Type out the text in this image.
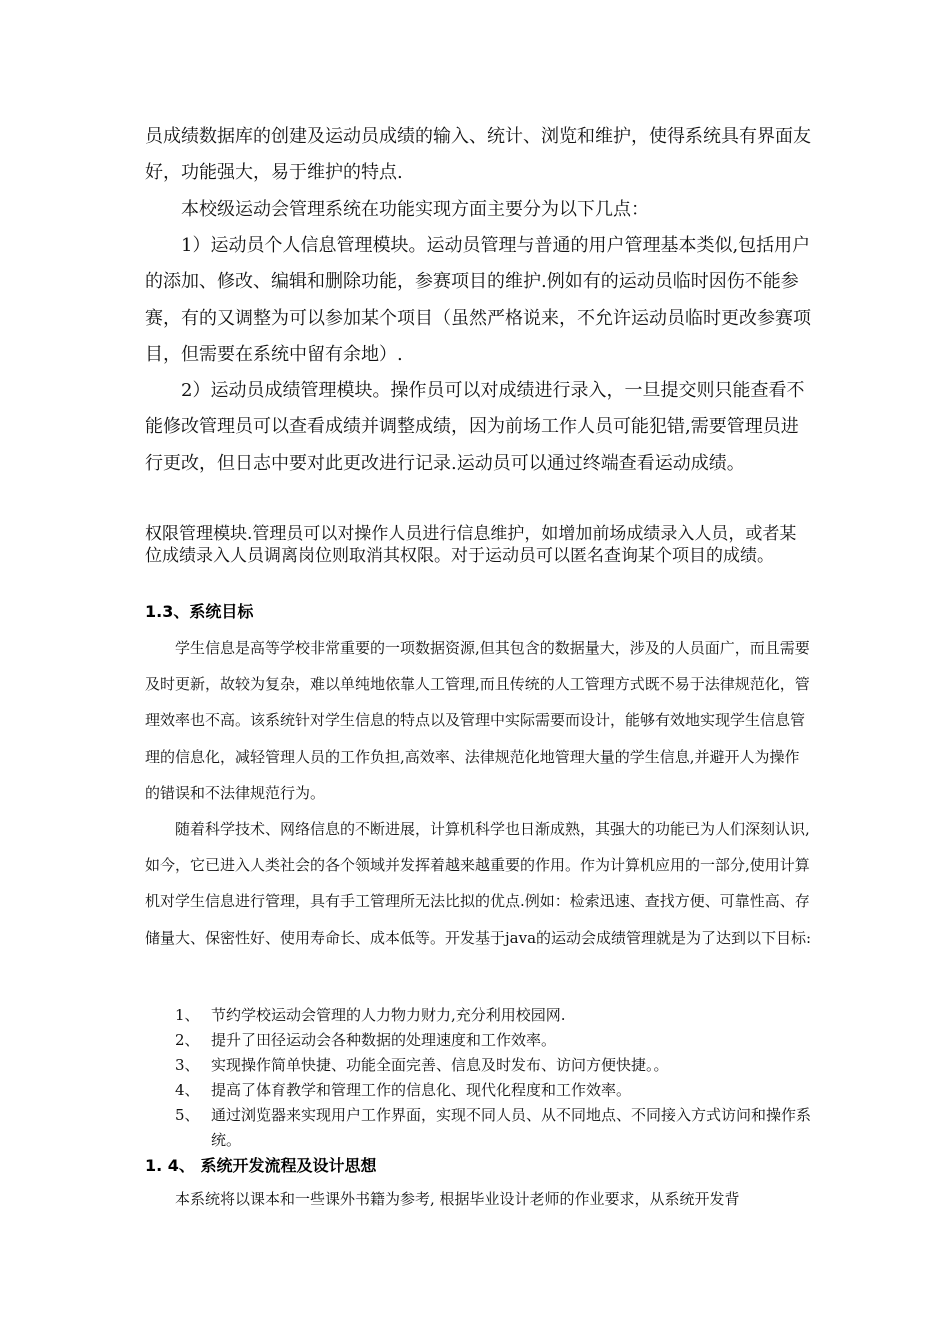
员成绩数据库的创建及运动员成绩的输入、统计、浏览和维护，使得系统具有界面友好，功能强大，易于维护的特点.

本校级运动会管理系统在功能实现方面主要分为以下几点：

1）运动员个人信息管理模块。运动员管理与普通的用户管理基本类似,包括用户的添加、修改、编辑和删除功能，参赛项目的维护.例如有的运动员临时因伤不能参赛，有的又调整为可以参加某个项目（虽然严格说来，不允许运动员临时更改参赛项目，但需要在系统中留有余地）.

2）运动员成绩管理模块。操作员可以对成绩进行录入，一旦提交则只能查看不能修改管理员可以查看成绩并调整成绩，因为前场工作人员可能犯错,需要管理员进行更改，但日志中要对此更改进行记录.运动员可以通过终端查看运动成绩。

权限管理模块.管理员可以对操作人员进行信息维护，如增加前场成绩录入人员，或者某位成绩录入人员调离岗位则取消其权限。对于运动员可以匿名查询某个项目的成绩。

1.3、系统目标

学生信息是高等学校非常重要的一项数据资源,但其包含的数据量大，涉及的人员面广，而且需要及时更新，故较为复杂，难以单纯地依靠人工管理,而且传统的人工管理方式既不易于法律规范化，管理效率也不高。该系统针对学生信息的特点以及管理中实际需要而设计，能够有效地实现学生信息管理的信息化，减轻管理人员的工作负担,高效率、法律规范化地管理大量的学生信息,并避开人为操作的错误和不法律规范行为。

随着科学技术、网络信息的不断进展，计算机科学也日渐成熟，其强大的功能已为人们深刻认识,如今，它已进入人类社会的各个领域并发挥着越来越重要的作用。作为计算机应用的一部分,使用计算机对学生信息进行管理，具有手工管理所无法比拟的优点.例如：检索迅速、查找方便、可靠性高、存储量大、保密性好、使用寿命长、成本低等。开发基于java的运动会成绩管理就是为了达到以下目标:

1、 节约学校运动会管理的人力物力财力,充分利用校园网.
2、 提升了田径运动会各种数据的处理速度和工作效率。
3、 实现操作简单快捷、功能全面完善、信息及时发布、访问方便快捷。。
4、 提高了体育教学和管理工作的信息化、现代化程度和工作效率。
5、 通过浏览器来实现用户工作界面，实现不同人员、从不同地点、不同接入方式访问和操作系统。
1. 4、 系统开发流程及设计思想

本系统将以课本和一些课外书籍为参考, 根据毕业设计老师的作业要求，从系统开发背
